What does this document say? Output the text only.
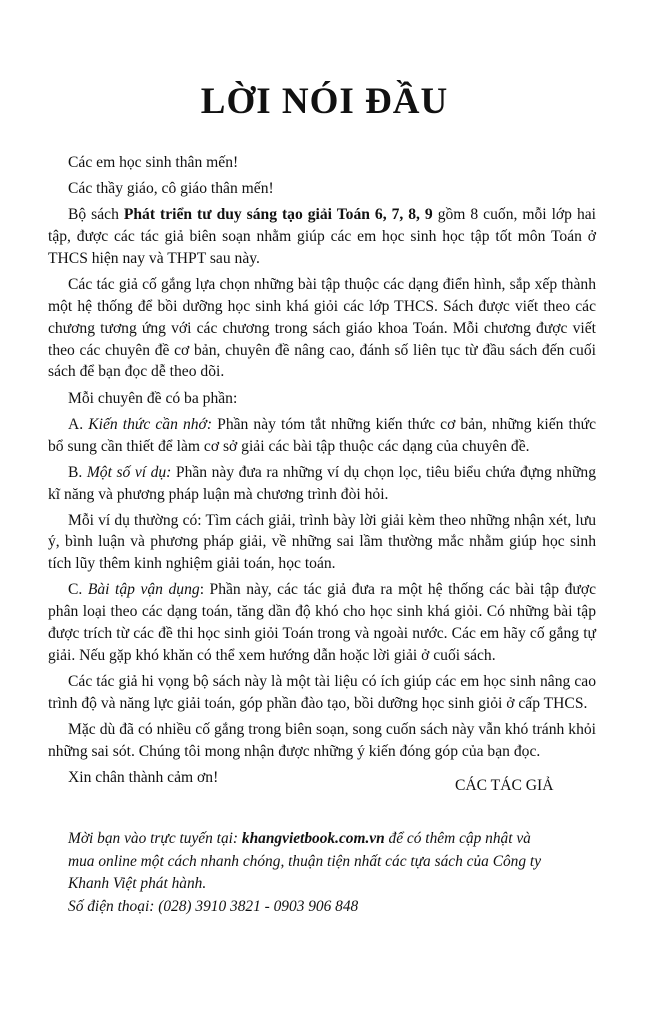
LỜI NÓI ĐẦU

Các em học sinh thân mến!

Các thầy giáo, cô giáo thân mến!

Bộ sách Phát triển tư duy sáng tạo giải Toán 6, 7, 8, 9 gồm 8 cuốn, mỗi lớp hai tập, được các tác giả biên soạn nhằm giúp các em học sinh học tập tốt môn Toán ở THCS hiện nay và THPT sau này.

Các tác giả cố gắng lựa chọn những bài tập thuộc các dạng điển hình, sắp xếp thành một hệ thống để bồi dưỡng học sinh khá giỏi các lớp THCS. Sách được viết theo các chương tương ứng với các chương trong sách giáo khoa Toán. Mỗi chương được viết theo các chuyên đề cơ bản, chuyên đề nâng cao, đánh số liên tục từ đầu sách đến cuối sách để bạn đọc dễ theo dõi.

Mỗi chuyên đề có ba phần:

A. Kiến thức cần nhớ: Phần này tóm tắt những kiến thức cơ bản, những kiến thức bổ sung cần thiết để làm cơ sở giải các bài tập thuộc các dạng của chuyên đề.

B. Một số ví dụ: Phần này đưa ra những ví dụ chọn lọc, tiêu biểu chứa đựng những kĩ năng và phương pháp luận mà chương trình đòi hỏi.

Mỗi ví dụ thường có: Tìm cách giải, trình bày lời giải kèm theo những nhận xét, lưu ý, bình luận và phương pháp giải, về những sai lầm thường mắc nhằm giúp học sinh tích lũy thêm kinh nghiệm giải toán, học toán.

C. Bài tập vận dụng: Phần này, các tác giả đưa ra một hệ thống các bài tập được phân loại theo các dạng toán, tăng dần độ khó cho học sinh khá giỏi. Có những bài tập được trích từ các đề thi học sinh giỏi Toán trong và ngoài nước. Các em hãy cố gắng tự giải. Nếu gặp khó khăn có thể xem hướng dẫn hoặc lời giải ở cuối sách.

Các tác giả hi vọng bộ sách này là một tài liệu có ích giúp các em học sinh nâng cao trình độ và năng lực giải toán, góp phần đào tạo, bồi dưỡng học sinh giỏi ở cấp THCS.

Mặc dù đã có nhiều cố gắng trong biên soạn, song cuốn sách này vẫn khó tránh khỏi những sai sót. Chúng tôi mong nhận được những ý kiến đóng góp của bạn đọc.

Xin chân thành cảm ơn!	CÁC TÁC GIẢ
Mời bạn vào trực tuyến tại: khangvietbook.com.vn để có thêm cập nhật và
mua online một cách nhanh chóng, thuận tiện nhất các tựa sách của Công ty
Khanh Việt phát hành.
Số điện thoại: (028) 3910 3821 - 0903 906 848
